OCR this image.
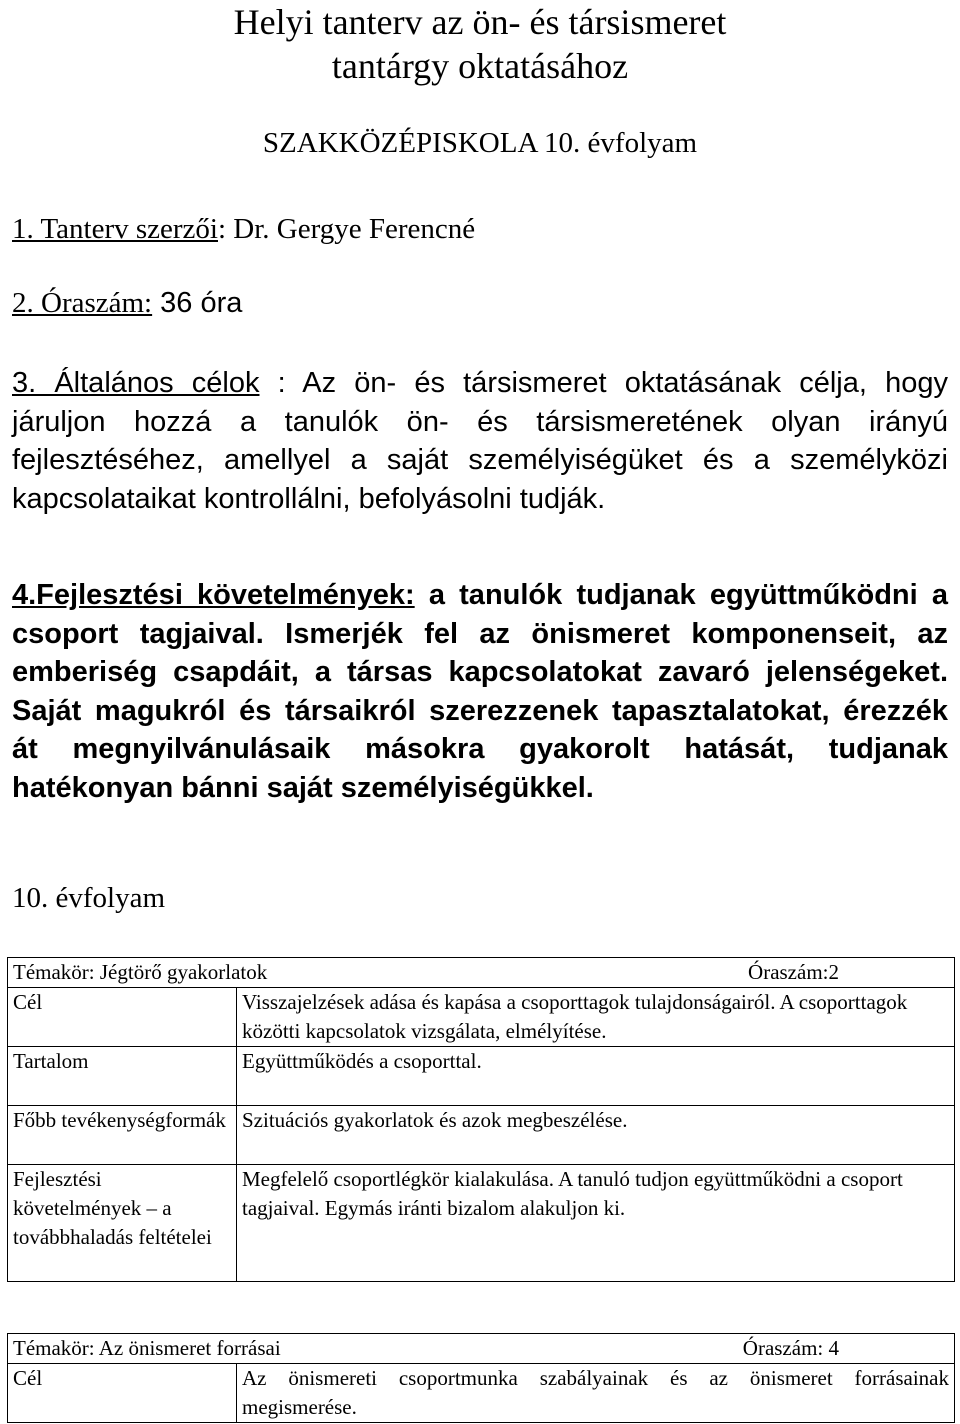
Helyi tanterv az ön- és társismeret
tantárgy oktatásához
SZAKKÖZÉPISKOLA 10. évfolyam
1. Tanterv szerzői: Dr. Gergye Ferencné
2. Óraszám: 36 óra
3. Általános célok : Az ön- és társismeret oktatásának célja, hogy járuljon hozzá a tanulók ön- és társismeretének olyan irányú fejlesztéséhez, amellyel a saját személyiségüket és a személyközi kapcsolataikat kontrollálni, befolyásolni tudják.
4.Fejlesztési követelmények: a tanulók tudjanak együttműködni a csoport tagjaival. Ismerjék fel az önismeret komponenseit, az emberiség csapdáit, a társas kapcsolatokat zavaró jelenségeket. Saját magukról és társaikról szerezzenek tapasztalatokat, érezzék át megnyilvánulásaik másokra gyakorolt hatását, tudjanak hatékonyan bánni saját személyiségükkel.
10. évfolyam
Témakör: Jégtörő gyakorlatok Óraszám:2	

Cél	Visszajelzések adása és kapása a csoporttagok tulajdonságairól. A csoporttagok közötti kapcsolatok vizsgálata, elmélyítése.
Tartalom	Együttműködés a csoporttal.
Főbb tevékenységformák	Szituációs gyakorlatok és azok megbeszélése.
Fejlesztési követelmények – a továbbhaladás feltételei	Megfelelő csoportlégkör kialakulása. A tanuló tudjon együttműködni a csoport tagjaival. Egymás iránti bizalom alakuljon ki.
Témakör: Az önismeret forrásai	Óraszám: 4

Cél	Az önismereti csoportmunka szabályainak és az önismeret forrásainak megismerése.
